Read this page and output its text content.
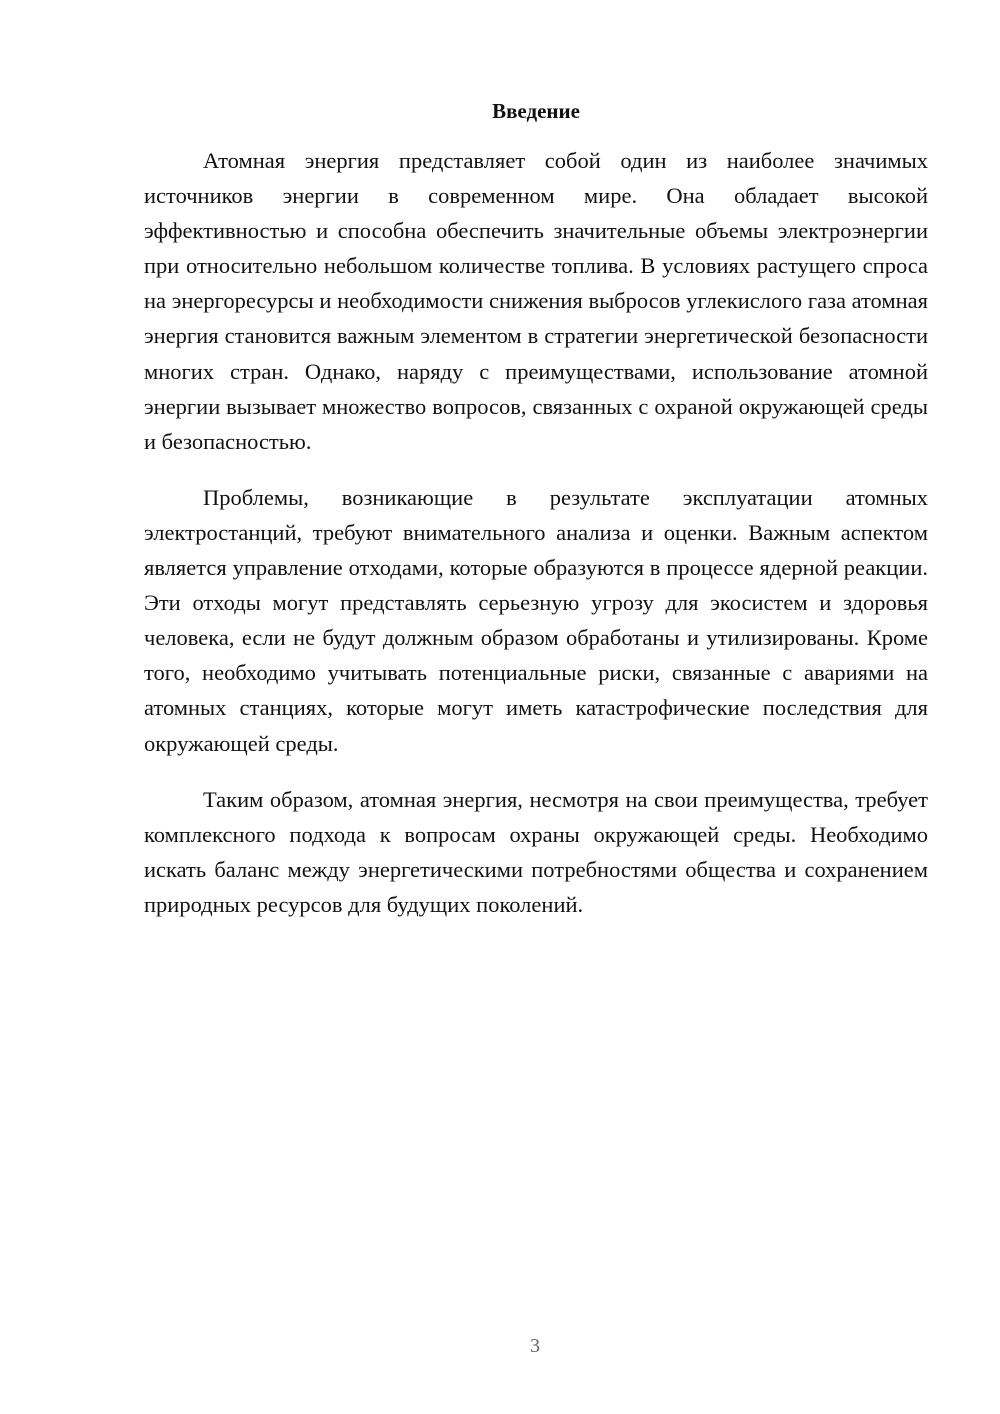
Введение

Атомная энергия представляет собой один из наиболее значимых источников энергии в современном мире. Она обладает высокой эффективностью и способна обеспечить значительные объемы электроэнергии при относительно небольшом количестве топлива. В условиях растущего спроса на энергоресурсы и необходимости снижения выбросов углекислого газа атомная энергия становится важным элементом в стратегии энергетической безопасности многих стран. Однако, наряду с преимуществами, использование атомной энергии вызывает множество вопросов, связанных с охраной окружающей среды и безопасностью.

Проблемы, возникающие в результате эксплуатации атомных электростанций, требуют внимательного анализа и оценки. Важным аспектом является управление отходами, которые образуются в процессе ядерной реакции. Эти отходы могут представлять серьезную угрозу для экосистем и здоровья человека, если не будут должным образом обработаны и утилизированы. Кроме того, необходимо учитывать потенциальные риски, связанные с авариями на атомных станциях, которые могут иметь катастрофические последствия для окружающей среды.

Таким образом, атомная энергия, несмотря на свои преимущества, требует комплексного подхода к вопросам охраны окружающей среды. Необходимо искать баланс между энергетическими потребностями общества и сохранением природных ресурсов для будущих поколений.

3
